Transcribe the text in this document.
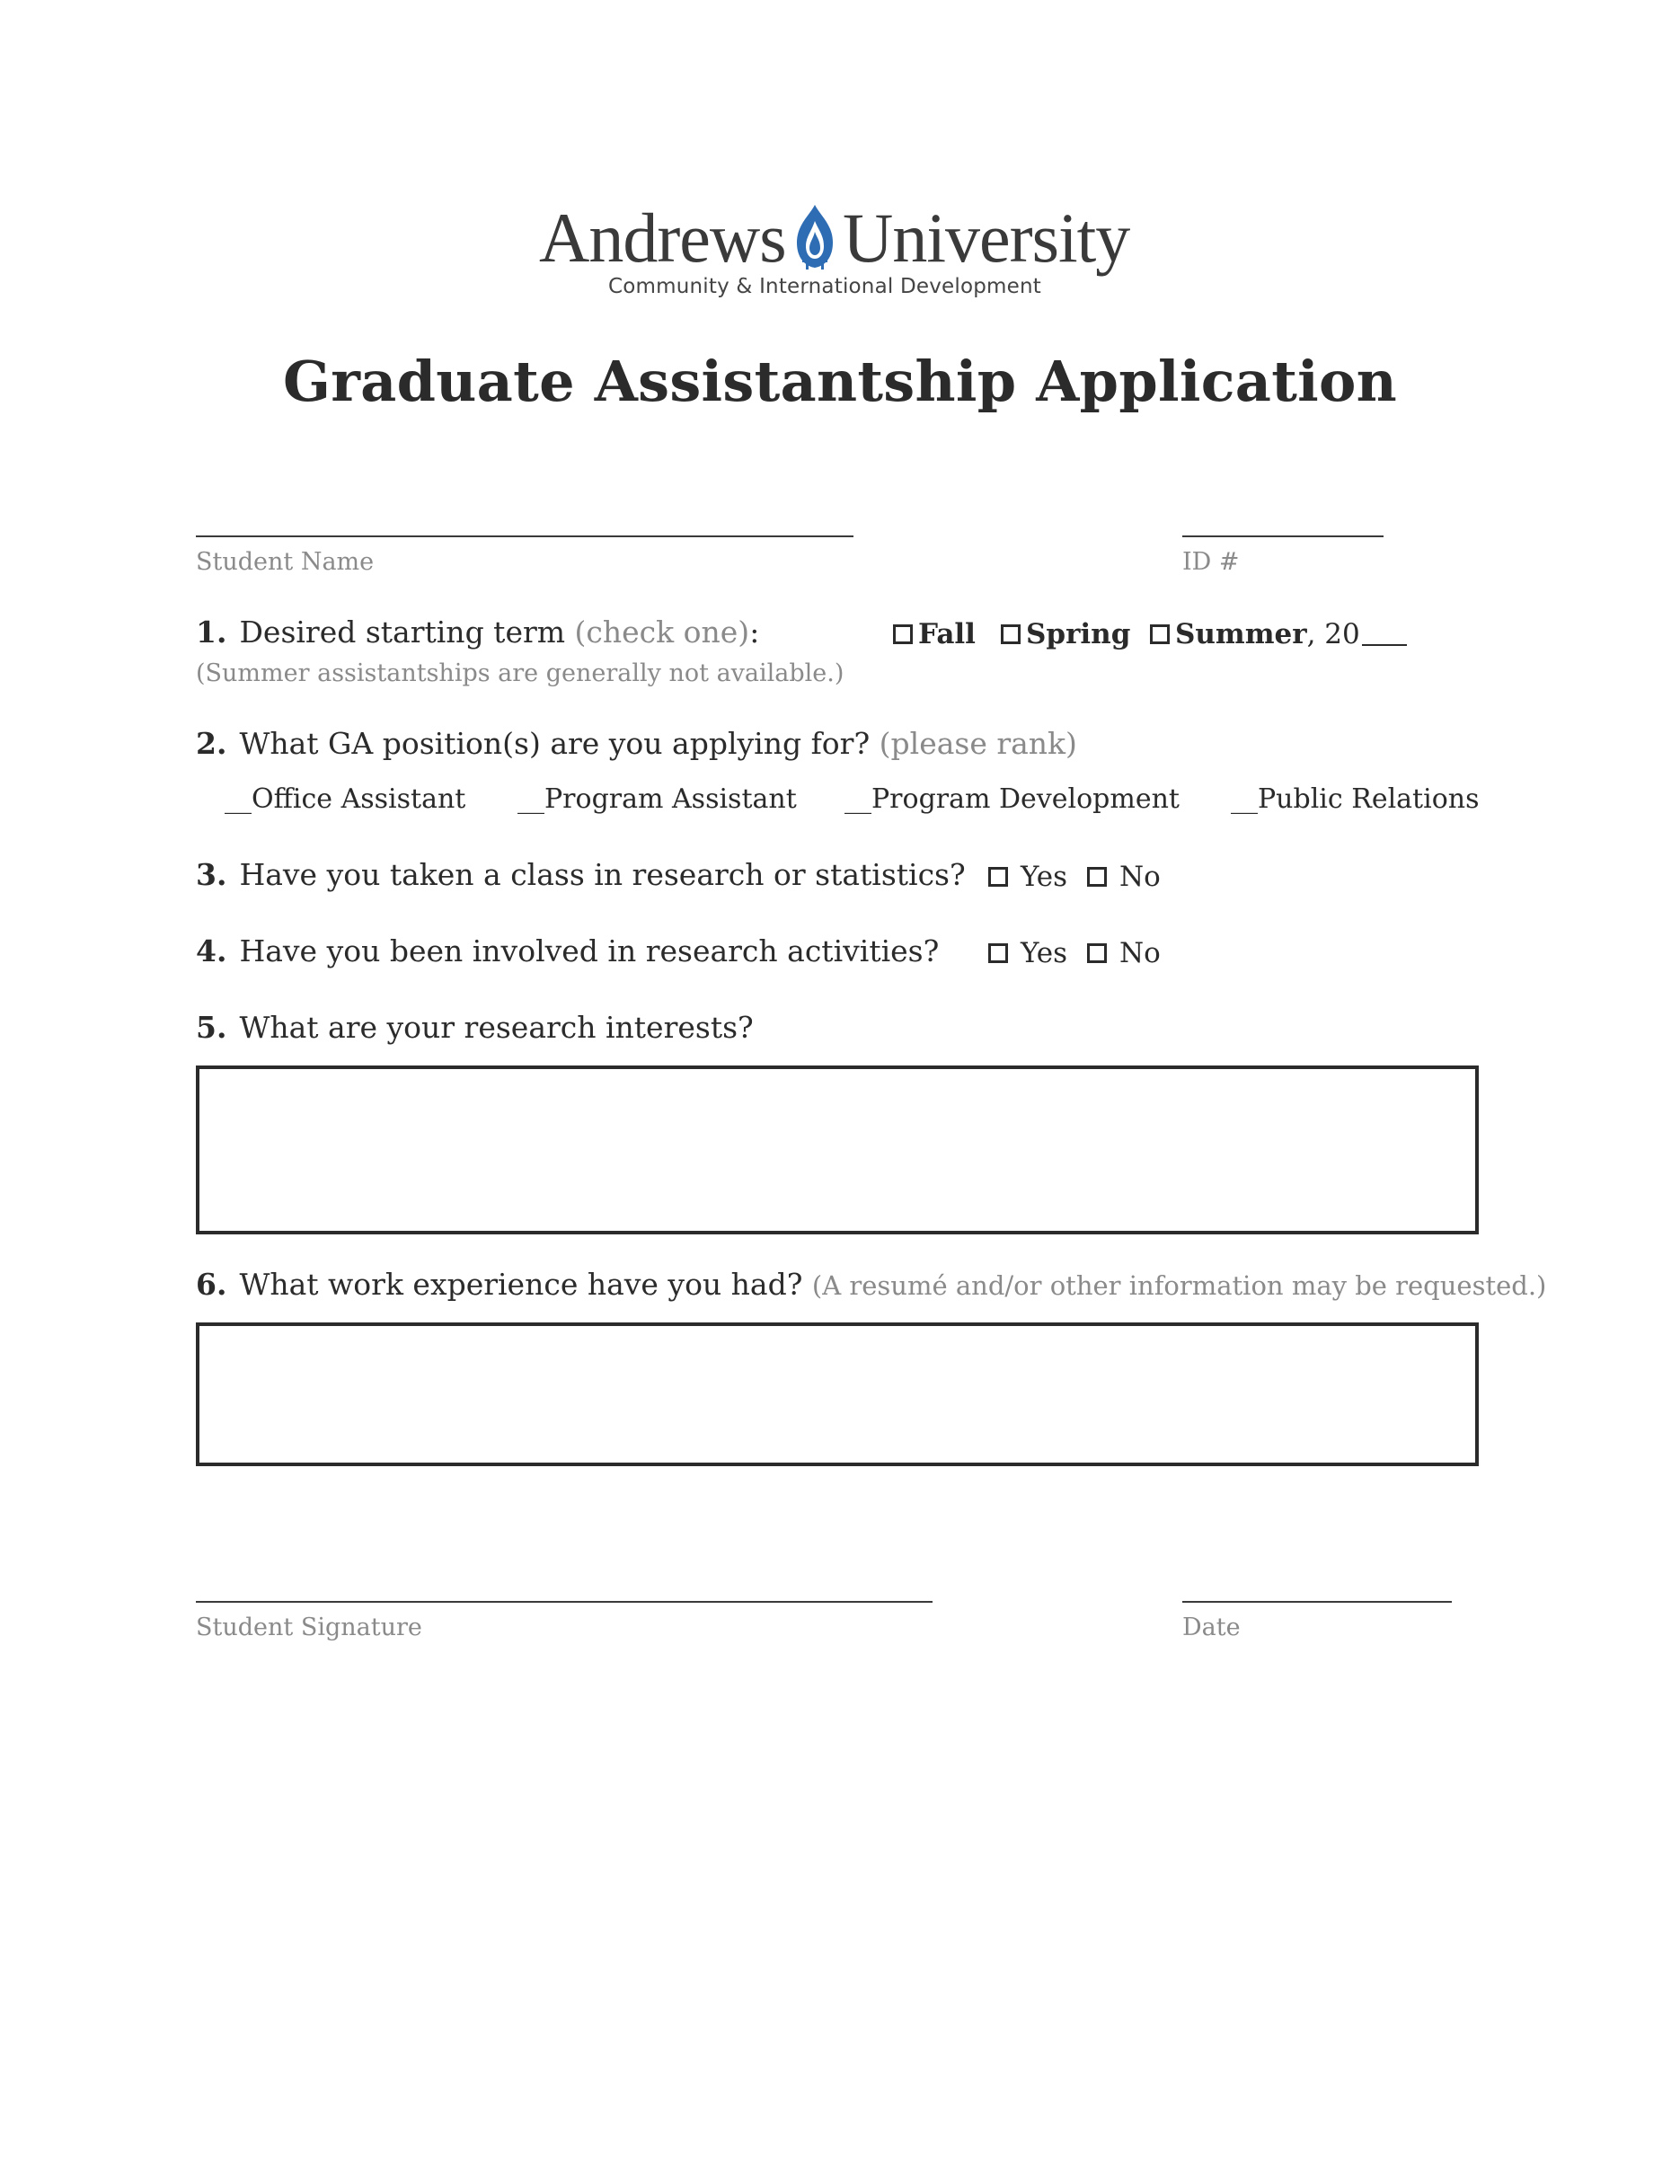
Andrews University
Community & International Development
Graduate Assistantship Application
Student Name	ID #
1. Desired starting term (check one):
(Summer assistantships are generally not available.)
Fall Spring Summer , 20
2. What GA position(s) are you applying for? (please rank)
__Office Assistant __Program Assistant __Program Development __Public Relations
3. Have you taken a class in research or statistics? Yes No
4. Have you been involved in research activities?	Yes No
5. What are your research interests?
6. What work experience have you had? (A resumé and/or other information may be requested.)
Student Signature	Date
